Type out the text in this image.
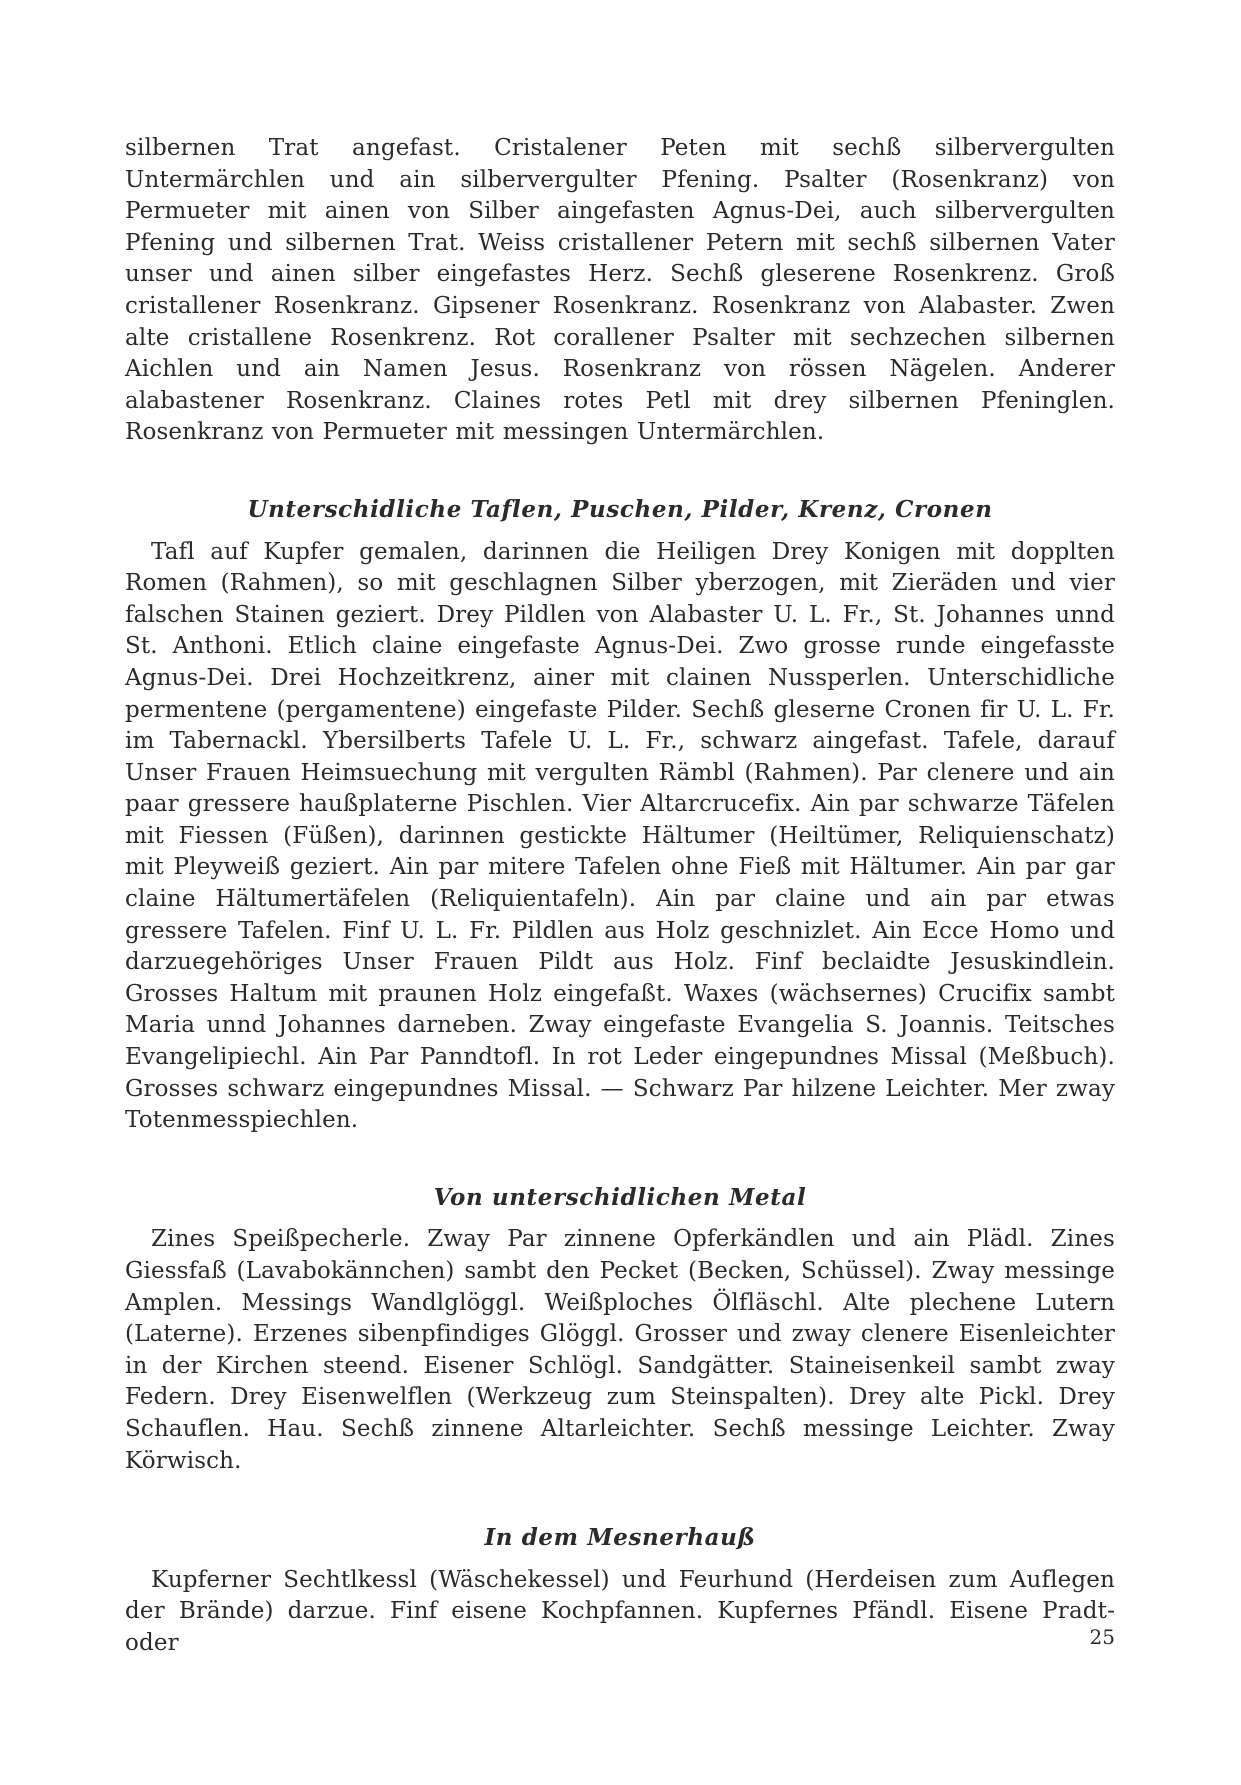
silbernen Trat angefast. Cristalener Peten mit sechß silbervergulten Untermärchlen und ain silbervergulter Pfening. Psalter (Rosenkranz) von Permueter mit ainen von Silber aingefasten Agnus-Dei, auch silbervergulten Pfening und silbernen Trat. Weiss cristallener Petern mit sechß silbernen Vater unser und ainen silber eingefastes Herz. Sechß gleserene Rosenkrenz. Groß cristallener Rosenkranz. Gipsener Rosenkranz. Rosenkranz von Alabaster. Zwen alte cristallene Rosenkrenz. Rot corallener Psalter mit sechzechen silbernen Aichlen und ain Namen Jesus. Rosenkranz von rössen Nägelen. Anderer alabastener Rosenkranz. Claines rotes Petl mit drey silbernen Pfeninglen. Rosenkranz von Permueter mit messingen Untermärchlen.

Unterschidliche Taflen, Puschen, Pilder, Krenz, Cronen

Tafl auf Kupfer gemalen, darinnen die Heiligen Drey Konigen mit dopplten Romen (Rahmen), so mit geschlagnen Silber yberzogen, mit Zieräden und vier falschen Stainen geziert. Drey Pildlen von Alabaster U. L. Fr., St. Johannes unnd St. Anthoni. Etlich claine eingefaste Agnus-Dei. Zwo grosse runde eingefasste Agnus-Dei. Drei Hochzeitkrenz, ainer mit clainen Nussperlen. Unterschidliche permentene (pergamentene) eingefaste Pilder. Sechß gleserne Cronen fir U. L. Fr. im Tabernackl. Ybersilberts Tafele U. L. Fr., schwarz aingefast. Tafele, darauf Unser Frauen Heimsuechung mit vergulten Rämbl (Rahmen). Par clenere und ain paar gressere haußplaterne Pischlen. Vier Altarcrucefix. Ain par schwarze Täfelen mit Fiessen (Füßen), darinnen gestickte Hältumer (Heiltümer, Reliquienschatz) mit Pleyweiß geziert. Ain par mitere Tafelen ohne Fieß mit Hältumer. Ain par gar claine Hältumertäfelen (Reliquientafeln). Ain par claine und ain par etwas gressere Tafelen. Finf U. L. Fr. Pildlen aus Holz geschnizlet. Ain Ecce Homo und darzuegehöriges Unser Frauen Pildt aus Holz. Finf beclaidte Jesuskindlein. Grosses Haltum mit praunen Holz eingefaßt. Waxes (wächsernes) Crucifix sambt Maria unnd Johannes darneben. Zway eingefaste Evangelia S. Joannis. Teitsches Evangelipiechl. Ain Par Panndtofl. In rot Leder eingepundnes Missal (Meßbuch). Grosses schwarz eingepundnes Missal. — Schwarz Par hilzene Leichter. Mer zway Totenmesspiechlen.

Von unterschidlichen Metal

Zines Speißpecherle. Zway Par zinnene Opferkändlen und ain Plädl. Zines Giessfaß (Lavabokännchen) sambt den Pecket (Becken, Schüssel). Zway messinge Amplen. Messings Wandlglöggl. Weißploches Ölfläschl. Alte plechene Lutern (Laterne). Erzenes sibenpfindiges Glöggl. Grosser und zway clenere Eisenleichter in der Kirchen steend. Eisener Schlögl. Sandgätter. Staineisenkeil sambt zway Federn. Drey Eisenwelflen (Werkzeug zum Steinspalten). Drey alte Pickl. Drey Schauflen. Hau. Sechß zinnene Altarleichter. Sechß messinge Leichter. Zway Körwisch.

In dem Mesnerhauß

Kupferner Sechtlkessl (Wäschekessel) und Feurhund (Herdeisen zum Auflegen der Brände) darzue. Finf eisene Kochpfannen. Kupfernes Pfändl. Eisene Pradt- oder	25
